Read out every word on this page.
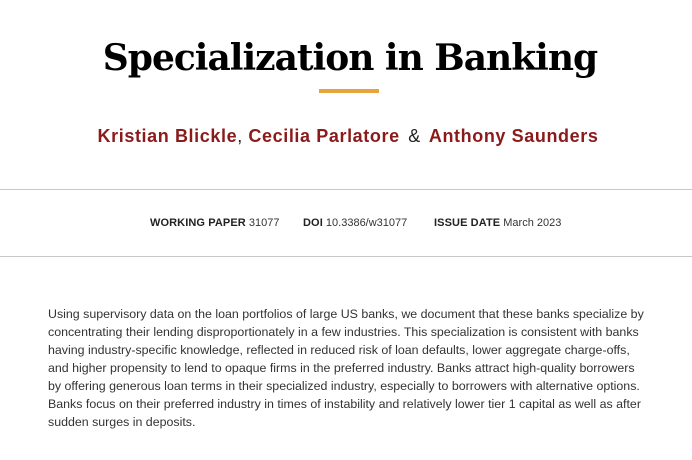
Specialization in Banking
Kristian Blickle, Cecilia Parlatore & Anthony Saunders
WORKING PAPER 31077 DOI 10.3386/w31077 ISSUE DATE March 2023

Using supervisory data on the loan portfolios of large US banks, we document that these banks specialize by concentrating their lending disproportionately in a few industries. This specialization is consistent with banks having industry-specific knowledge, reflected in reduced risk of loan defaults, lower aggregate charge-offs, and higher propensity to lend to opaque firms in the preferred industry. Banks attract high-quality borrowers by offering generous loan terms in their specialized industry, especially to borrowers with alternative options. Banks focus on their preferred industry in times of instability and relatively lower tier 1 capital as well as after sudden surges in deposits.
